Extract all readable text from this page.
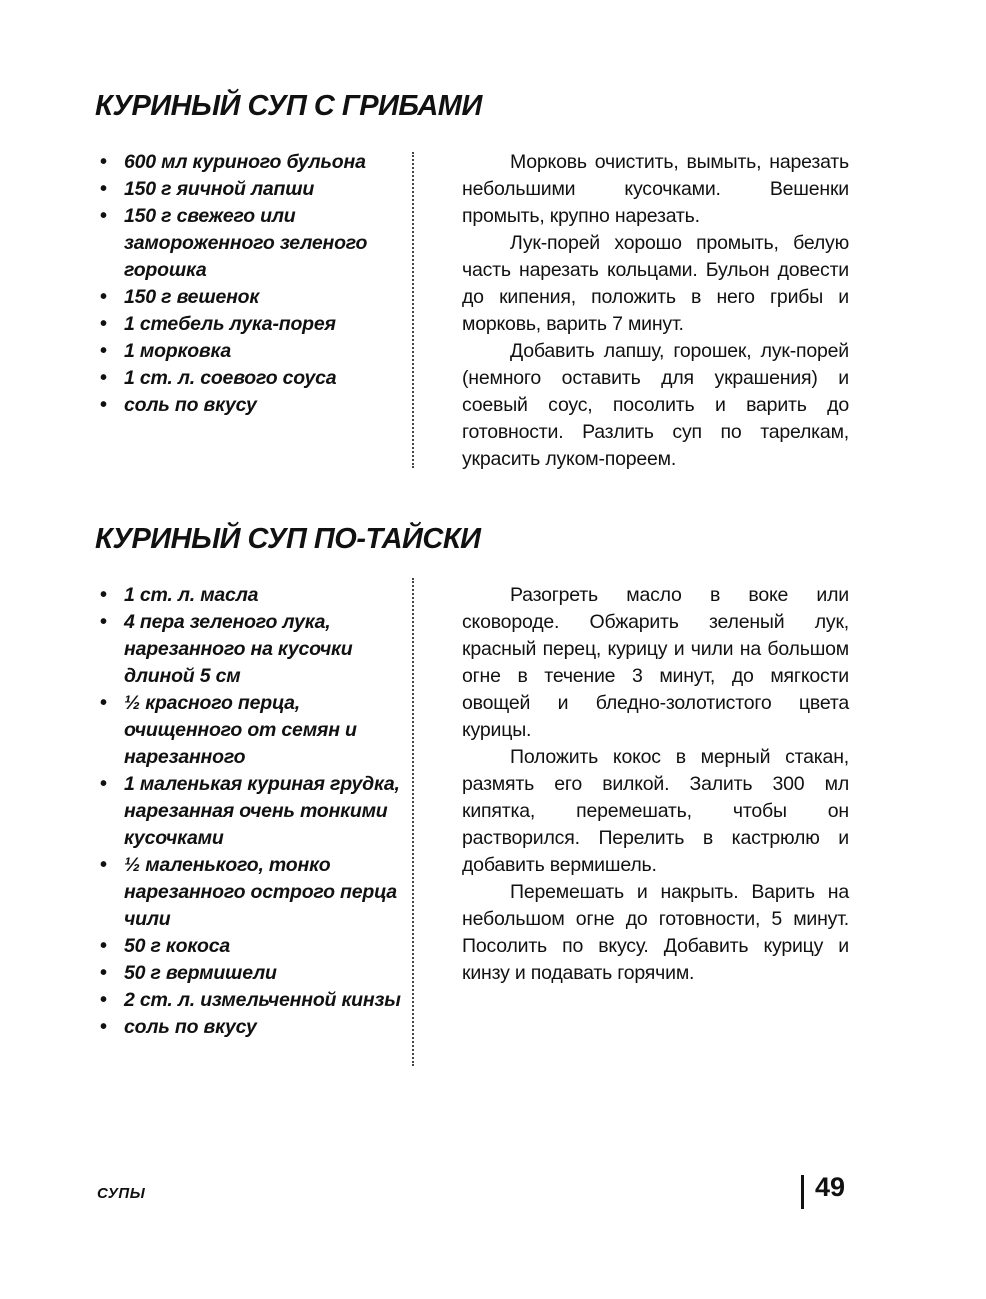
КУРИНЫЙ СУП С ГРИБАМИ
• 600 мл куриного бульона
• 150 г яичной лапши
• 150 г свежего или замороженного зеленого горошка
• 150 г вешенок
• 1 стебель лука-порея
• 1 морковка
• 1 ст. л. соевого соуса
• соль по вкусу

Морковь очистить, вымыть, нарезать небольшими кусочками. Вешенки промыть, крупно нарезать.

Лук-порей хорошо промыть, белую часть нарезать кольцами. Бульон довести до кипения, положить в него грибы и морковь, варить 7 минут.

Добавить лапшу, горошек, лук-порей (немного оставить для украшения) и соевый соус, посолить и варить до готовности. Разлить суп по тарелкам, украсить луком-пореем.

КУРИНЫЙ СУП ПО-ТАЙСКИ
• 1 ст. л. масла
• 4 пера зеленого лука, нарезанного на кусочки длиной 5 см
• ½ красного перца, очищенного от семян и нарезанного
• 1 маленькая куриная грудка, нарезанная очень тонкими кусочками
• ½ маленького, тонко нарезанного острого перца чили
• 50 г кокоса
• 50 г вермишели
• 2 ст. л. измельченной кинзы
• соль по вкусу

Разогреть масло в воке или сковороде. Обжарить зеленый лук, красный перец, курицу и чили на большом огне в течение 3 минут, до мягкости овощей и бледно-золотистого цвета курицы.

Положить кокос в мерный стакан, размять его вилкой. Залить 300 мл кипятка, перемешать, чтобы он растворился. Перелить в кастрюлю и добавить вермишель.

Перемешать и накрыть. Варить на небольшом огне до готовности, 5 минут. Посолить по вкусу. Добавить курицу и кинзу и подавать горячим.

СУПЫ	49
